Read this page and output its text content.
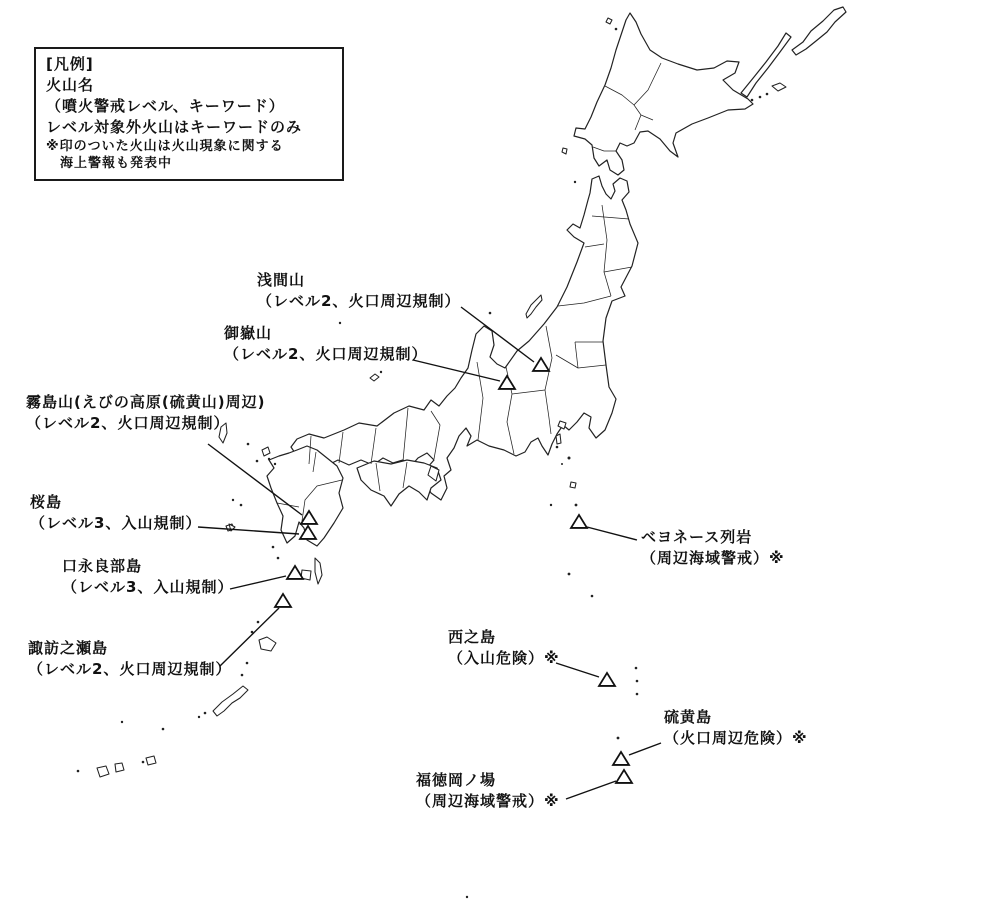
[凡例]
火山名
（噴火警戒レベル、キーワード）
レベル対象外火山はキーワードのみ
※印のついた火山は火山現象に関する
海上警報も発表中
浅間山
（レベル2、火口周辺規制）
御嶽山
（レベル2、火口周辺規制）
霧島山(えびの高原(硫黄山)周辺)
（レベル2、火口周辺規制）
桜島
（レベル3、入山規制）
口永良部島
（レベル3、入山規制）
諏訪之瀬島
（レベル2、火口周辺規制）
ベヨネース列岩
（周辺海域警戒）※
西之島
（入山危険）※
硫黄島
（火口周辺危険）※
福徳岡ノ場
（周辺海域警戒）※
